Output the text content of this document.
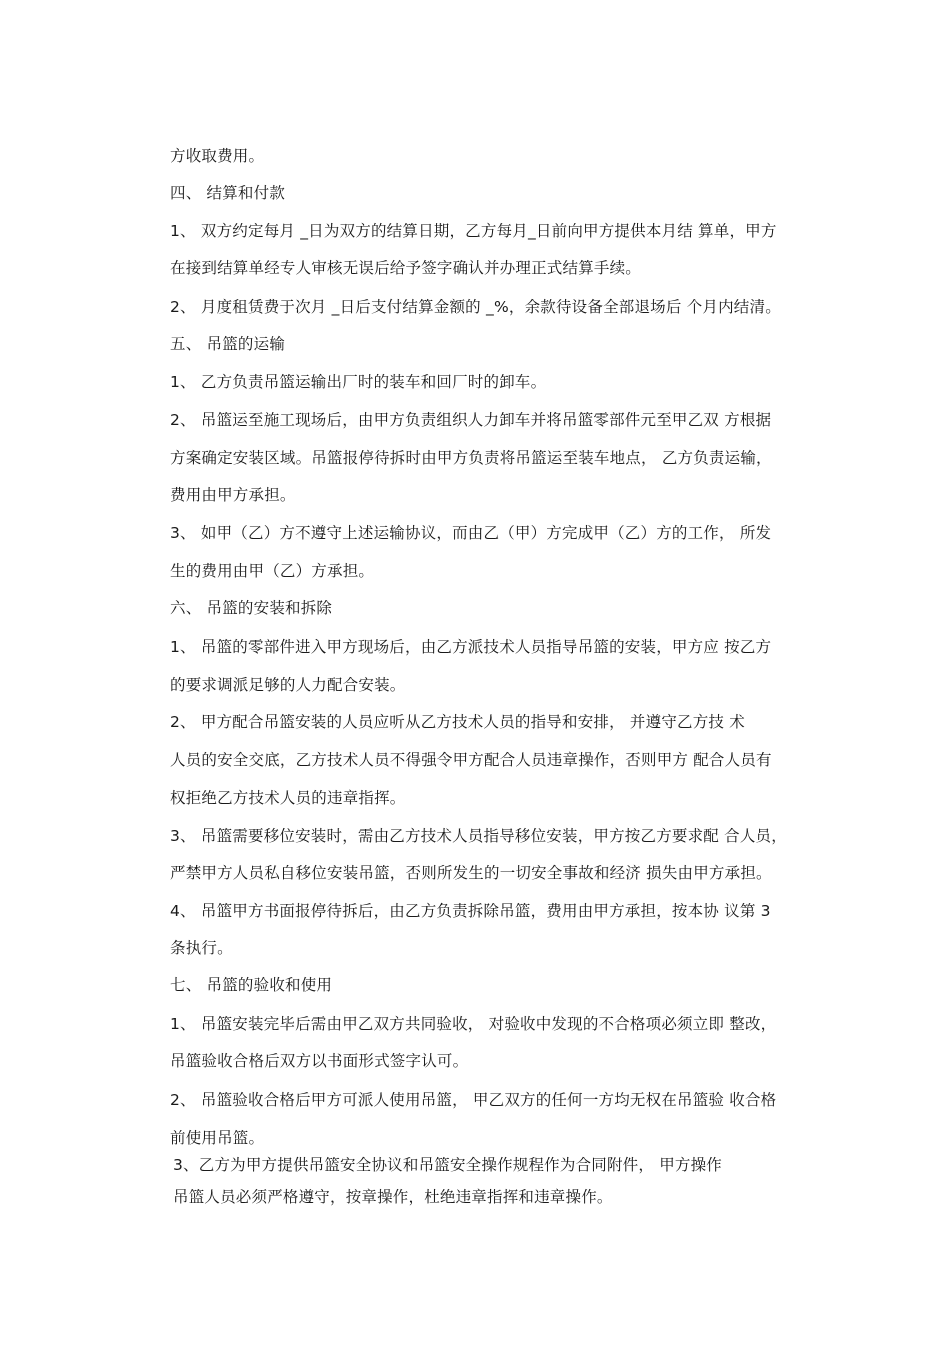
方收取费用。
四、 结算和付款
1、 双方约定每月 _日为双方的结算日期，乙方每月_日前向甲方提供本月结 算单，甲方
在接到结算单经专人审核无误后给予签字确认并办理正式结算手续。
2、 月度租赁费于次月 _日后支付结算金额的 _%，余款待设备全部退场后 个月内结清。
五、 吊篮的运输
1、 乙方负责吊篮运输出厂时的装车和回厂时的卸车。
2、 吊篮运至施工现场后，由甲方负责组织人力卸车并将吊篮零部件元至甲乙双 方根据
方案确定安装区域。吊篮报停待拆时由甲方负责将吊篮运至装车地点， 乙方负责运输，
费用由甲方承担。
3、 如甲（乙）方不遵守上述运输协议，而由乙（甲）方完成甲（乙）方的工作， 所发
生的费用由甲（乙）方承担。
六、 吊篮的安装和拆除
1、 吊篮的零部件进入甲方现场后，由乙方派技术人员指导吊篮的安装，甲方应 按乙方
的要求调派足够的人力配合安装。
2、 甲方配合吊篮安装的人员应听从乙方技术人员的指导和安排， 并遵守乙方技 术
人员的安全交底，乙方技术人员不得强令甲方配合人员违章操作，否则甲方 配合人员有
权拒绝乙方技术人员的违章指挥。
3、 吊篮需要移位安装时，需由乙方技术人员指导移位安装，甲方按乙方要求配 合人员，
严禁甲方人员私自移位安装吊篮，否则所发生的一切安全事故和经济 损失由甲方承担。
4、 吊篮甲方书面报停待拆后，由乙方负责拆除吊篮，费用由甲方承担，按本协 议第 3
条执行。
七、 吊篮的验收和使用
1、 吊篮安装完毕后需由甲乙双方共同验收， 对验收中发现的不合格项必须立即 整改，
吊篮验收合格后双方以书面形式签字认可。
2、 吊篮验收合格后甲方可派人使用吊篮， 甲乙双方的任何一方均无权在吊篮验 收合格
前使用吊篮。
3、乙方为甲方提供吊篮安全协议和吊篮安全操作规程作为合同附件， 甲方操作
吊篮人员必须严格遵守，按章操作，杜绝违章指挥和违章操作。
